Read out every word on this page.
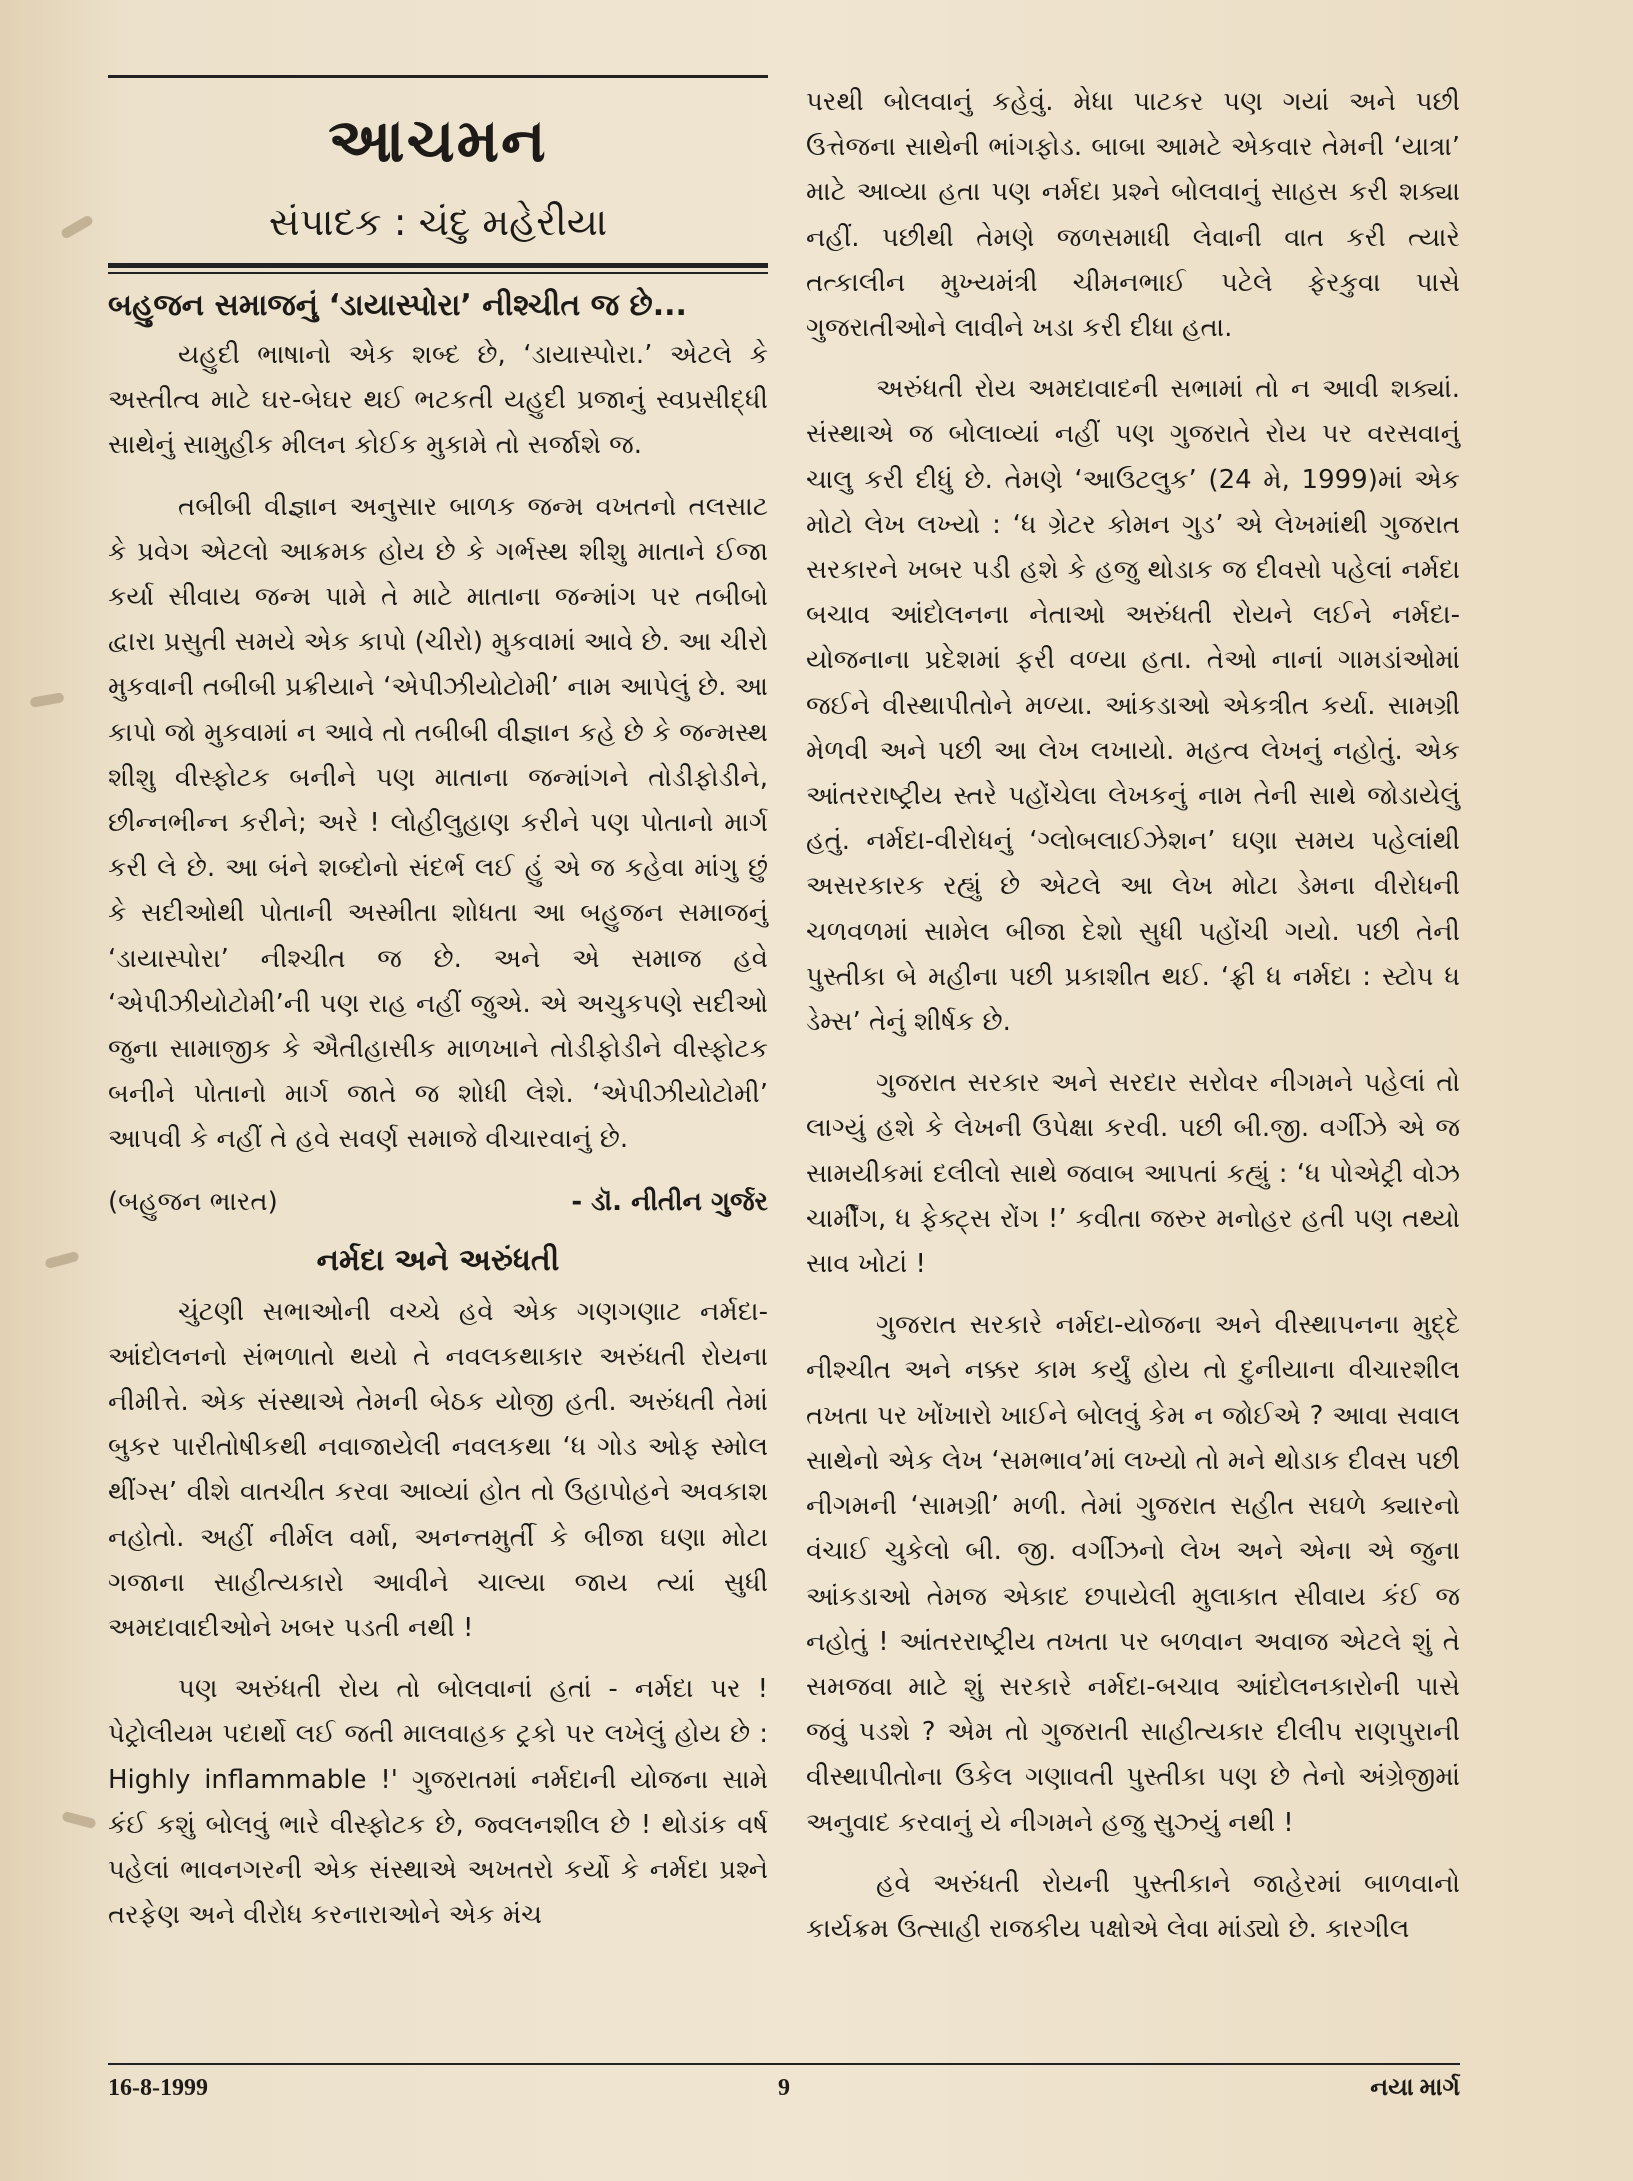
આચમન
સંપાદક : ચંદુ મહેરીયા
બહુજન સમાજનું ‘ડાયાસ્પોરા’ નીશ્ચીત જ છે...

યહુદી ભાષાનો એક શબ્દ છે, ‘ડાયાસ્પોરા.’ એટલે કે અસ્તીત્વ માટે ઘર-બેઘર થઈ ભટકતી યહુદી પ્રજાનું સ્વપ્રસીદ્ધી સાથેનું સામુહીક મીલન કોઈક મુકામે તો સર્જાશે જ.

તબીબી વીજ્ઞાન અનુસાર બાળક જન્મ વખતનો તલસાટ કે પ્રવેગ એટલો આક્રમક હોય છે કે ગર્ભસ્થ શીશુ માતાને ઈજા કર્યા સીવાય જન્મ પામે તે માટે માતાના જન્માંગ પર તબીબો દ્વારા પ્રસુતી સમયે એક કાપો (ચીરો) મુકવામાં આવે છે. આ ચીરો મુકવાની તબીબી પ્રક્રીયાને ‘એપીઝીયોટોમી’ નામ આપેલું છે. આ કાપો જો મુકવામાં ન આવે તો તબીબી વીજ્ઞાન કહે છે કે જન્મસ્થ શીશુ વીસ્ફોટક બનીને પણ માતાના જન્માંગને તોડીફોડીને, છીન્નભીન્ન કરીને; અરે ! લોહીલુહાણ કરીને પણ પોતાનો માર્ગ કરી લે છે. આ બંને શબ્દોનો સંદર્ભ લઈ હું એ જ કહેવા માંગુ છું કે સદીઓથી પોતાની અસ્મીતા શોધતા આ બહુજન સમાજનું ‘ડાયાસ્પોરા’ નીશ્ચીત જ છે. અને એ સમાજ હવે ‘એપીઝીયોટોમી’ની પણ રાહ નહીં જુએ. એ અચુકપણે સદીઓ જુના સામાજીક કે ઐતીહાસીક માળખાને તોડીફોડીને વીસ્ફોટક બનીને પોતાનો માર્ગ જાતે જ શોધી લેશે. ‘એપીઝીયોટોમી’ આપવી કે નહીં તે હવે સવર્ણ સમાજે વીચારવાનું છે.

(બહુજન ભારત)	- ડૉ. નીતીન ગુર્જર
નર્મદા અને અરુંધતી

ચુંટણી સભાઓની વચ્ચે હવે એક ગણગણાટ નર્મદા-આંદોલનનો સંભળાતો થયો તે નવલકથાકાર અરુંધતી રોયના નીમીત્તે. એક સંસ્થાએ તેમની બેઠક યોજી હતી. અરુંધતી તેમાં બુકર પારીતોષીકથી નવાજાયેલી નવલકથા ‘ધ ગોડ ઓફ સ્મોલ થીંગ્સ’ વીશે વાતચીત કરવા આવ્યાં હોત તો ઉહાપોહને અવકાશ નહોતો. અહીં નીર્મલ વર્મા, અનન્તમુર્તી કે બીજા ઘણા મોટા ગજાના સાહીત્યકારો આવીને ચાલ્યા જાય ત્યાં સુધી અમદાવાદીઓને ખબર પડતી નથી !

પણ અરુંધતી રોય તો બોલવાનાં હતાં - નર્મદા પર ! પેટ્રોલીયમ પદાર્થો લઈ જતી માલવાહક ટ્રકો પર લખેલું હોય છે : Highly inflammable !' ગુજરાતમાં નર્મદાની યોજના સામે કંઈ કશું બોલવું ભારે વીસ્ફોટક છે, જ્વલનશીલ છે ! થોડાંક વર્ષ પહેલાં ભાવનગરની એક સંસ્થાએ અખતરો કર્યો કે નર્મદા પ્રશ્ને તરફેણ અને વીરોધ કરનારાઓને એક મંચ

પરથી બોલવાનું કહેવું. મેધા પાટકર પણ ગયાં અને પછી ઉત્તેજના સાથેની ભાંગફોડ. બાબા આમટે એકવાર તેમની ‘યાત્રા’ માટે આવ્યા હતા પણ નર્મદા પ્રશ્ને બોલવાનું સાહસ કરી શક્યા નહીં. પછીથી તેમણે જળસમાધી લેવાની વાત કરી ત્યારે તત્કાલીન મુખ્યમંત્રી ચીમનભાઈ પટેલે ફેરકુવા પાસે ગુજરાતીઓને લાવીને ખડા કરી દીધા હતા.

અરુંધતી રોય અમદાવાદની સભામાં તો ન આવી શક્યાં. સંસ્થાએ જ બોલાવ્યાં નહીં પણ ગુજરાતે રોય પર વરસવાનું ચાલુ કરી દીધું છે. તેમણે ‘આઉટલુક’ (24 મે, 1999)માં એક મોટો લેખ લખ્યો : ‘ધ ગ્રેટર કોમન ગુડ’ એ લેખમાંથી ગુજરાત સરકારને ખબર પડી હશે કે હજુ થોડાક જ દીવસો પહેલાં નર્મદા બચાવ આંદોલનના નેતાઓ અરુંધતી રોયને લઈને નર્મદા-યોજનાના પ્રદેશમાં ફરી વળ્યા હતા. તેઓ નાનાં ગામડાંઓમાં જઈને વીસ્થાપીતોને મળ્યા. આંકડાઓ એકત્રીત કર્યા. સામગ્રી મેળવી અને પછી આ લેખ લખાયો. મહત્વ લેખનું નહોતું. એક આંતરરાષ્ટ્રીય સ્તરે પહોંચેલા લેખકનું નામ તેની સાથે જોડાયેલું હતું. નર્મદા-વીરોધનું ‘ગ્લોબલાઈઝેશન’ ઘણા સમય પહેલાંથી અસરકારક રહ્યું છે એટલે આ લેખ મોટા ડેમના વીરોધની ચળવળમાં સામેલ બીજા દેશો સુધી પહોંચી ગયો. પછી તેની પુસ્તીકા બે મહીના પછી પ્રકાશીત થઈ. ‘ફ્રી ધ નર્મદા : સ્ટોપ ધ ડેમ્સ’ તેનું શીર્ષક છે.

ગુજરાત સરકાર અને સરદાર સરોવર નીગમને પહેલાં તો લાગ્યું હશે કે લેખની ઉપેક્ષા કરવી. પછી બી.જી. વર્ગીઝે એ જ સામયીકમાં દલીલો સાથે જવાબ આપતાં કહ્યું : ‘ધ પોએટ્રી વોઝ ચાર્મીંગ, ધ ફેક્ટ્સ રોંગ !’ કવીતા જરુર મનોહર હતી પણ તથ્યો સાવ ખોટાં !

ગુજરાત સરકારે નર્મદા-યોજના અને વીસ્થાપનના મુદ્દે નીશ્ચીત અને નક્કર કામ કર્યું હોય તો દુનીયાના વીચારશીલ તખતા પર ખોંખારો ખાઈને બોલવું કેમ ન જોઈએ ? આવા સવાલ સાથેનો એક લેખ ‘સમભાવ’માં લખ્યો તો મને થોડાક દીવસ પછી નીગમની ‘સામગ્રી’ મળી. તેમાં ગુજરાત સહીત સઘળે ક્યારનો વંચાઈ ચુકેલો બી. જી. વર્ગીઝનો લેખ અને એના એ જુના આંકડાઓ તેમજ એકાદ છપાયેલી મુલાકાત સીવાય કંઈ જ નહોતું ! આંતરરાષ્ટ્રીય તખતા પર બળવાન અવાજ એટલે શું તે સમજવા માટે શું સરકારે નર્મદા-બચાવ આંદોલનકારોની પાસે જવું પડશે ? એમ તો ગુજરાતી સાહીત્યકાર દીલીપ રાણપુરાની વીસ્થાપીતોના ઉકેલ ગણાવતી પુસ્તીકા પણ છે તેનો અંગ્રેજીમાં અનુવાદ કરવાનું યે નીગમને હજુ સુઝ્યું નથી !

હવે અરુંધતી રોયની પુસ્તીકાને જાહેરમાં બાળવાનો કાર્યક્રમ ઉત્સાહી રાજકીય પક્ષોએ લેવા માંડ્યો છે. કારગીલ

16-8-1999	9	નયા માર્ગ
